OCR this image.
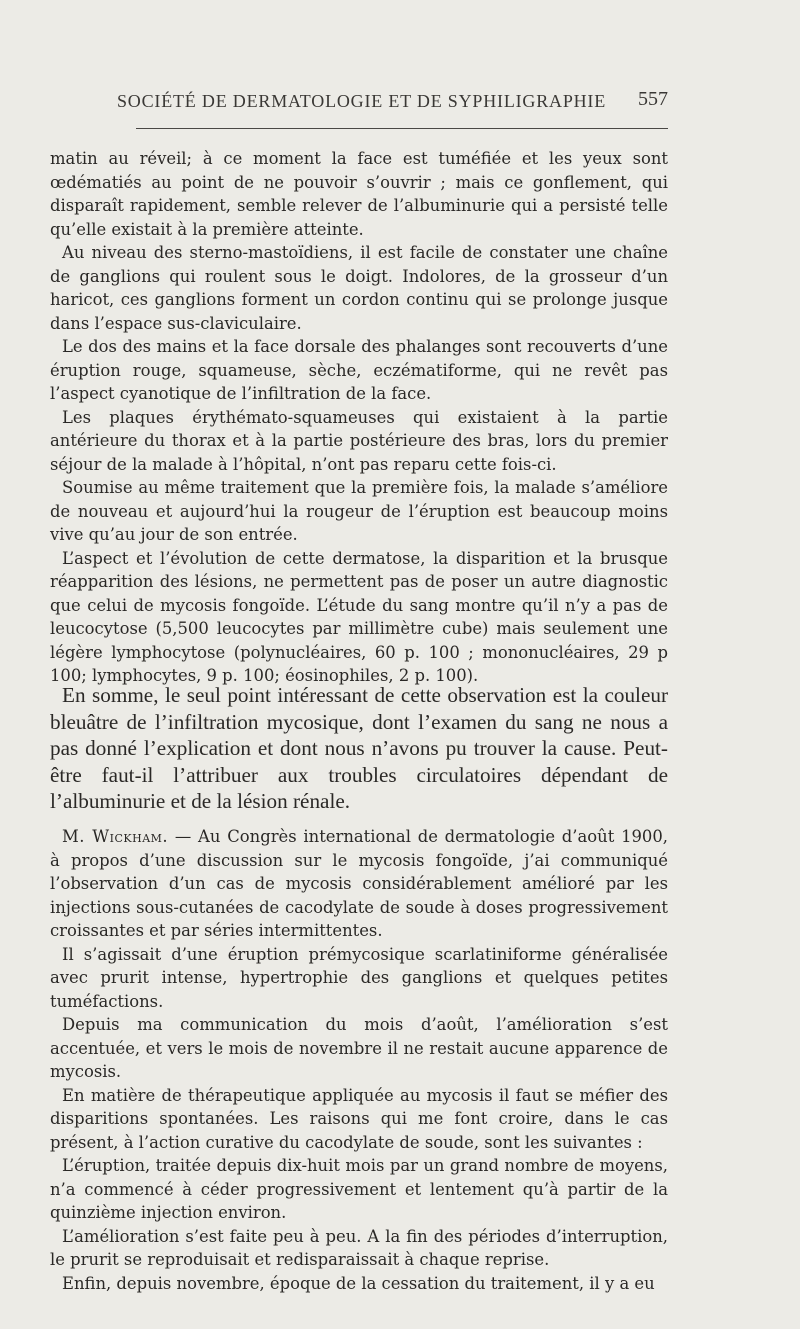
SOCIÉTÉ DE DERMATOLOGIE ET DE SYPHILIGRAPHIE 557

matin au réveil; à ce moment la face est tuméfiée et les yeux sont œdématiés au point de ne pouvoir s’ouvrir ; mais ce gonflement, qui disparaît rapidement, semble relever de l’albuminurie qui a persisté telle qu’elle existait à la première atteinte.

Au niveau des sterno-mastoïdiens, il est facile de constater une chaîne de ganglions qui roulent sous le doigt. Indolores, de la grosseur d’un haricot, ces ganglions forment un cordon continu qui se prolonge jusque dans l’espace sus-claviculaire.

Le dos des mains et la face dorsale des phalanges sont recouverts d’une éruption rouge, squameuse, sèche, eczématiforme, qui ne revêt pas l’aspect cyanotique de l’infiltration de la face.

Les plaques érythémato-squameuses qui existaient à la partie antérieure du thorax et à la partie postérieure des bras, lors du premier séjour de la malade à l’hôpital, n’ont pas reparu cette fois-ci.

Soumise au même traitement que la première fois, la malade s’améliore de nouveau et aujourd’hui la rougeur de l’éruption est beaucoup moins vive qu’au jour de son entrée.

L’aspect et l’évolution de cette dermatose, la disparition et la brusque réapparition des lésions, ne permettent pas de poser un autre diagnostic que celui de mycosis fongoïde. L’étude du sang montre qu’il n’y a pas de leucocytose (5,500 leucocytes par millimètre cube) mais seulement une légère lymphocytose (polynucléaires, 60 p. 100 ; mononucléaires, 29 p 100; lymphocytes, 9 p. 100; éosinophiles, 2 p. 100).

En somme, le seul point intéressant de cette observation est la couleur bleuâtre de l’infiltration mycosique, dont l’examen du sang ne nous a pas donné l’explication et dont nous n’avons pu trouver la cause. Peut-être faut-il l’attribuer aux troubles circulatoires dépendant de l’albuminurie et de la lésion rénale.

M. Wickham. — Au Congrès international de dermatologie d’août 1900, à propos d’une discussion sur le mycosis fongoïde, j’ai communiqué l’observation d’un cas de mycosis considérablement amélioré par les injections sous-cutanées de cacodylate de soude à doses progressivement croissantes et par séries intermittentes.

Il s’agissait d’une éruption prémycosique scarlatiniforme généralisée avec prurit intense, hypertrophie des ganglions et quelques petites tuméfactions.

Depuis ma communication du mois d’août, l’amélioration s’est accentuée, et vers le mois de novembre il ne restait aucune apparence de mycosis.

En matière de thérapeutique appliquée au mycosis il faut se méfier des disparitions spontanées. Les raisons qui me font croire, dans le cas présent, à l’action curative du cacodylate de soude, sont les suivantes :

L’éruption, traitée depuis dix-huit mois par un grand nombre de moyens, n’a commencé à céder progressivement et lentement qu’à partir de la quinzième injection environ.

L’amélioration s’est faite peu à peu. A la fin des périodes d’interruption, le prurit se reproduisait et redisparaissait à chaque reprise.

Enfin, depuis novembre, époque de la cessation du traitement, il y a eu
